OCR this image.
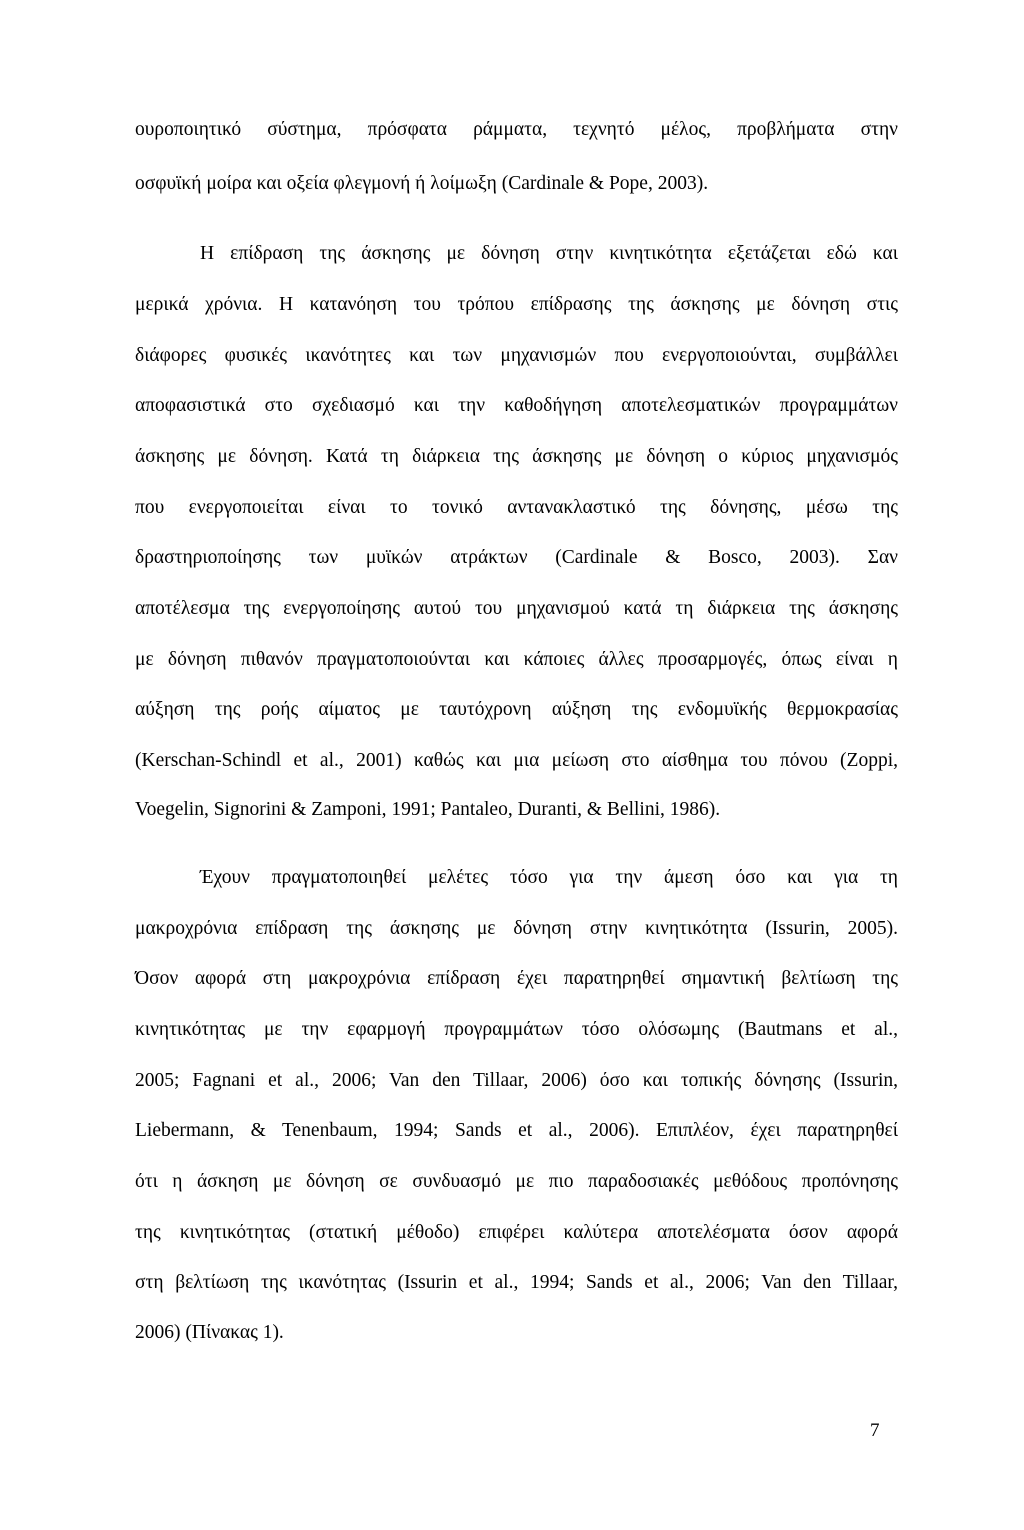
ουροποιητικό σύστημα, πρόσφατα ράμματα, τεχνητό μέλος, προβλήματα στην
οσφυϊκή μοίρα και οξεία φλεγμονή ή λοίμωξη (Cardinale & Pope, 2003).
Η επίδραση της άσκησης με δόνηση στην κινητικότητα εξετάζεται εδώ και
μερικά χρόνια. Η κατανόηση του τρόπου επίδρασης της άσκησης με δόνηση στις
διάφορες φυσικές ικανότητες και των μηχανισμών που ενεργοποιούνται, συμβάλλει
αποφασιστικά στο σχεδιασμό και την καθοδήγηση αποτελεσματικών προγραμμάτων
άσκησης με δόνηση. Κατά τη διάρκεια της άσκησης με δόνηση ο κύριος μηχανισμός
που ενεργοποιείται είναι το τονικό αντανακλαστικό της δόνησης, μέσω της
δραστηριοποίησης των μυϊκών ατράκτων (Cardinale & Bosco, 2003). Σαν
αποτέλεσμα της ενεργοποίησης αυτού του μηχανισμού κατά τη διάρκεια της άσκησης
με δόνηση πιθανόν πραγματοποιούνται και κάποιες άλλες προσαρμογές, όπως είναι η
αύξηση της ροής αίματος με ταυτόχρονη αύξηση της ενδομυϊκής θερμοκρασίας
(Kerschan-Schindl et al., 2001) καθώς και μια μείωση στο αίσθημα του πόνου (Zoppi,
Voegelin, Signorini & Zamponi, 1991; Pantaleo, Duranti, & Bellini, 1986).
Έχουν πραγματοποιηθεί μελέτες τόσο για την άμεση όσο και για τη
μακροχρόνια επίδραση της άσκησης με δόνηση στην κινητικότητα (Issurin, 2005).
Όσον αφορά στη μακροχρόνια επίδραση έχει παρατηρηθεί σημαντική βελτίωση της
κινητικότητας με την εφαρμογή προγραμμάτων τόσο ολόσωμης (Bautmans et al.,
2005; Fagnani et al., 2006; Van den Tillaar, 2006) όσο και τοπικής δόνησης (Issurin,
Liebermann, & Tenenbaum, 1994; Sands et al., 2006). Επιπλέον, έχει παρατηρηθεί
ότι η άσκηση με δόνηση σε συνδυασμό με πιο παραδοσιακές μεθόδους προπόνησης
της κινητικότητας (στατική μέθοδο) επιφέρει καλύτερα αποτελέσματα όσον αφορά
στη βελτίωση της ικανότητας (Issurin et al., 1994; Sands et al., 2006; Van den Tillaar,
2006) (Πίνακας 1).
7
